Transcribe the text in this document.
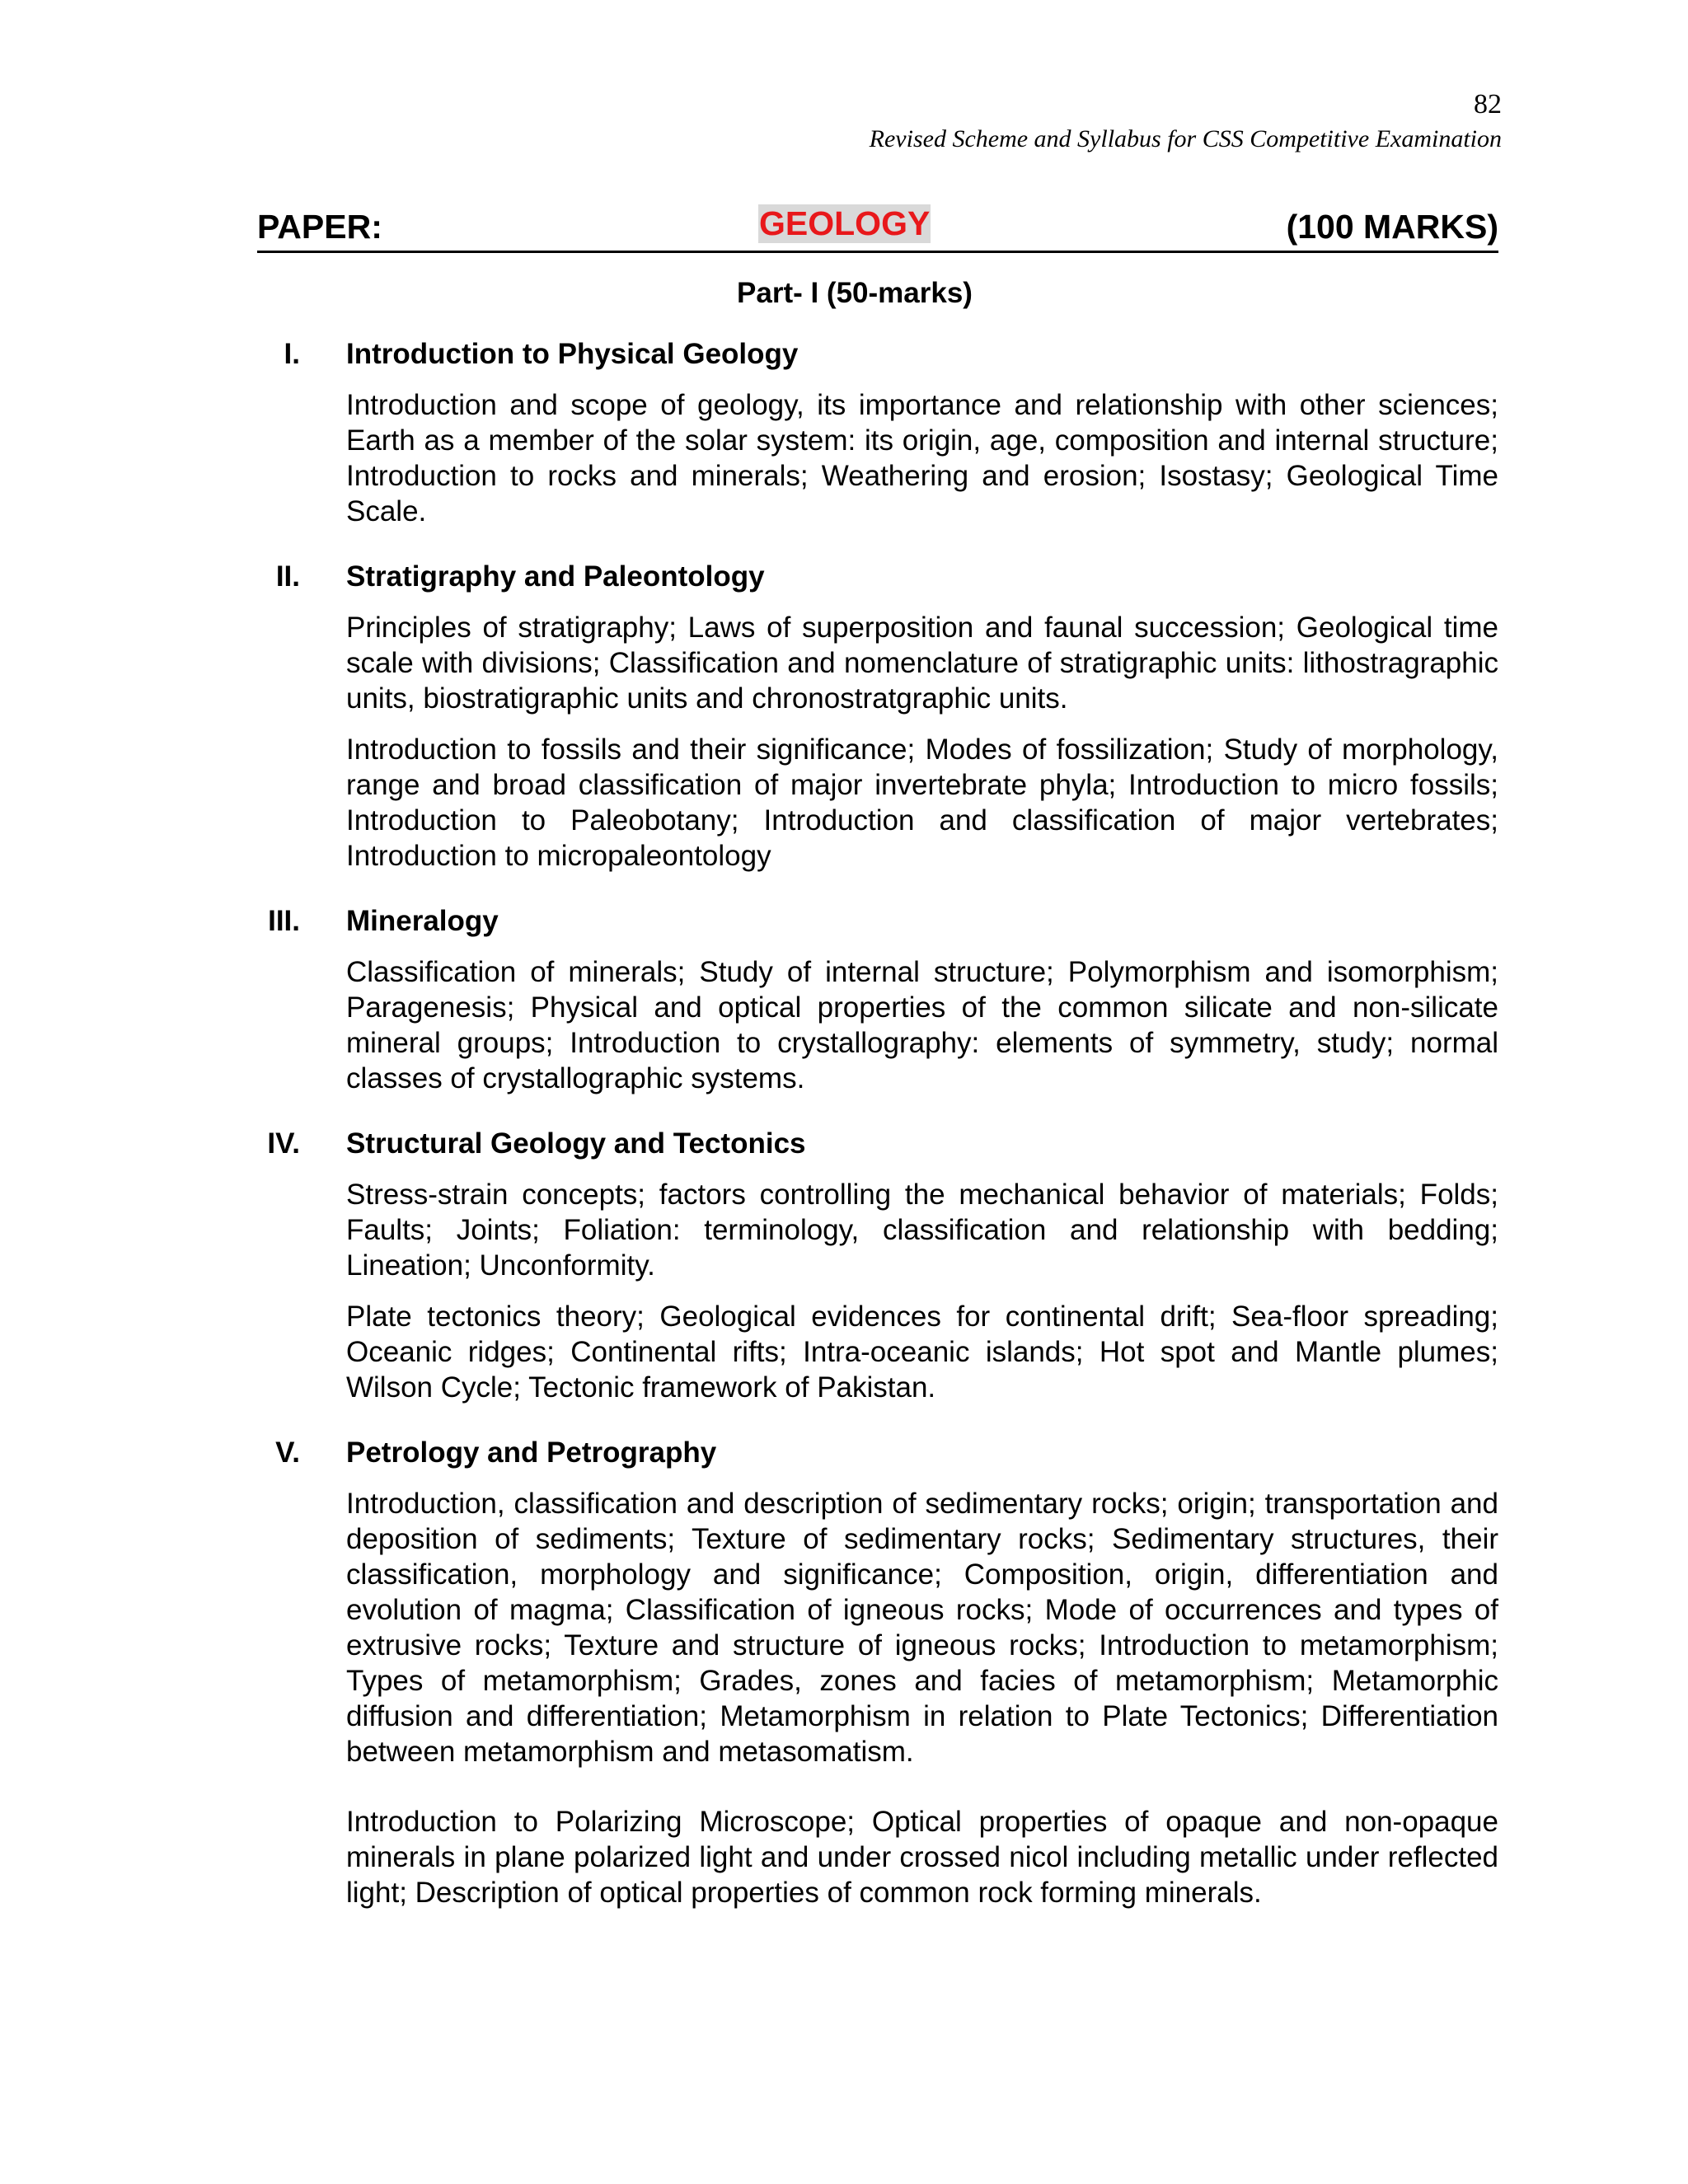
82
Revised Scheme and Syllabus for CSS Competitive Examination
PAPER:	GEOLOGY	(100 MARKS)
Part- I (50-marks)
I. Introduction to Physical Geology
Introduction and scope of geology, its importance and relationship with other sciences; Earth as a member of the solar system: its origin, age, composition and internal structure; Introduction to rocks and minerals; Weathering and erosion; Isostasy; Geological Time Scale.
II. Stratigraphy and Paleontology
Principles of stratigraphy; Laws of superposition and faunal succession; Geological time scale with divisions; Classification and nomenclature of stratigraphic units: lithostragraphic units, biostratigraphic units and chronostratgraphic units.
Introduction to fossils and their significance; Modes of fossilization; Study of morphology, range and broad classification of major invertebrate phyla; Introduction to micro fossils; Introduction to Paleobotany; Introduction and classification of major vertebrates; Introduction to micropaleontology
III. Mineralogy
Classification of minerals; Study of internal structure; Polymorphism and isomorphism; Paragenesis; Physical and optical properties of the common silicate and non-silicate mineral groups; Introduction to crystallography: elements of symmetry, study; normal classes of crystallographic systems.
IV. Structural Geology and Tectonics
Stress-strain concepts; factors controlling the mechanical behavior of materials; Folds; Faults; Joints; Foliation: terminology, classification and relationship with bedding; Lineation; Unconformity.
Plate tectonics theory; Geological evidences for continental drift; Sea-floor spreading; Oceanic ridges; Continental rifts; Intra-oceanic islands; Hot spot and Mantle plumes; Wilson Cycle; Tectonic framework of Pakistan.
V. Petrology and Petrography
Introduction, classification and description of sedimentary rocks; origin; transportation and deposition of sediments; Texture of sedimentary rocks; Sedimentary structures, their classification, morphology and significance; Composition, origin, differentiation and evolution of magma; Classification of igneous rocks; Mode of occurrences and types of extrusive rocks; Texture and structure of igneous rocks; Introduction to metamorphism; Types of metamorphism; Grades, zones and facies of metamorphism; Metamorphic diffusion and differentiation; Metamorphism in relation to Plate Tectonics; Differentiation between metamorphism and metasomatism.
Introduction to Polarizing Microscope; Optical properties of opaque and non-opaque minerals in plane polarized light and under crossed nicol including metallic under reflected light; Description of optical properties of common rock forming minerals.
